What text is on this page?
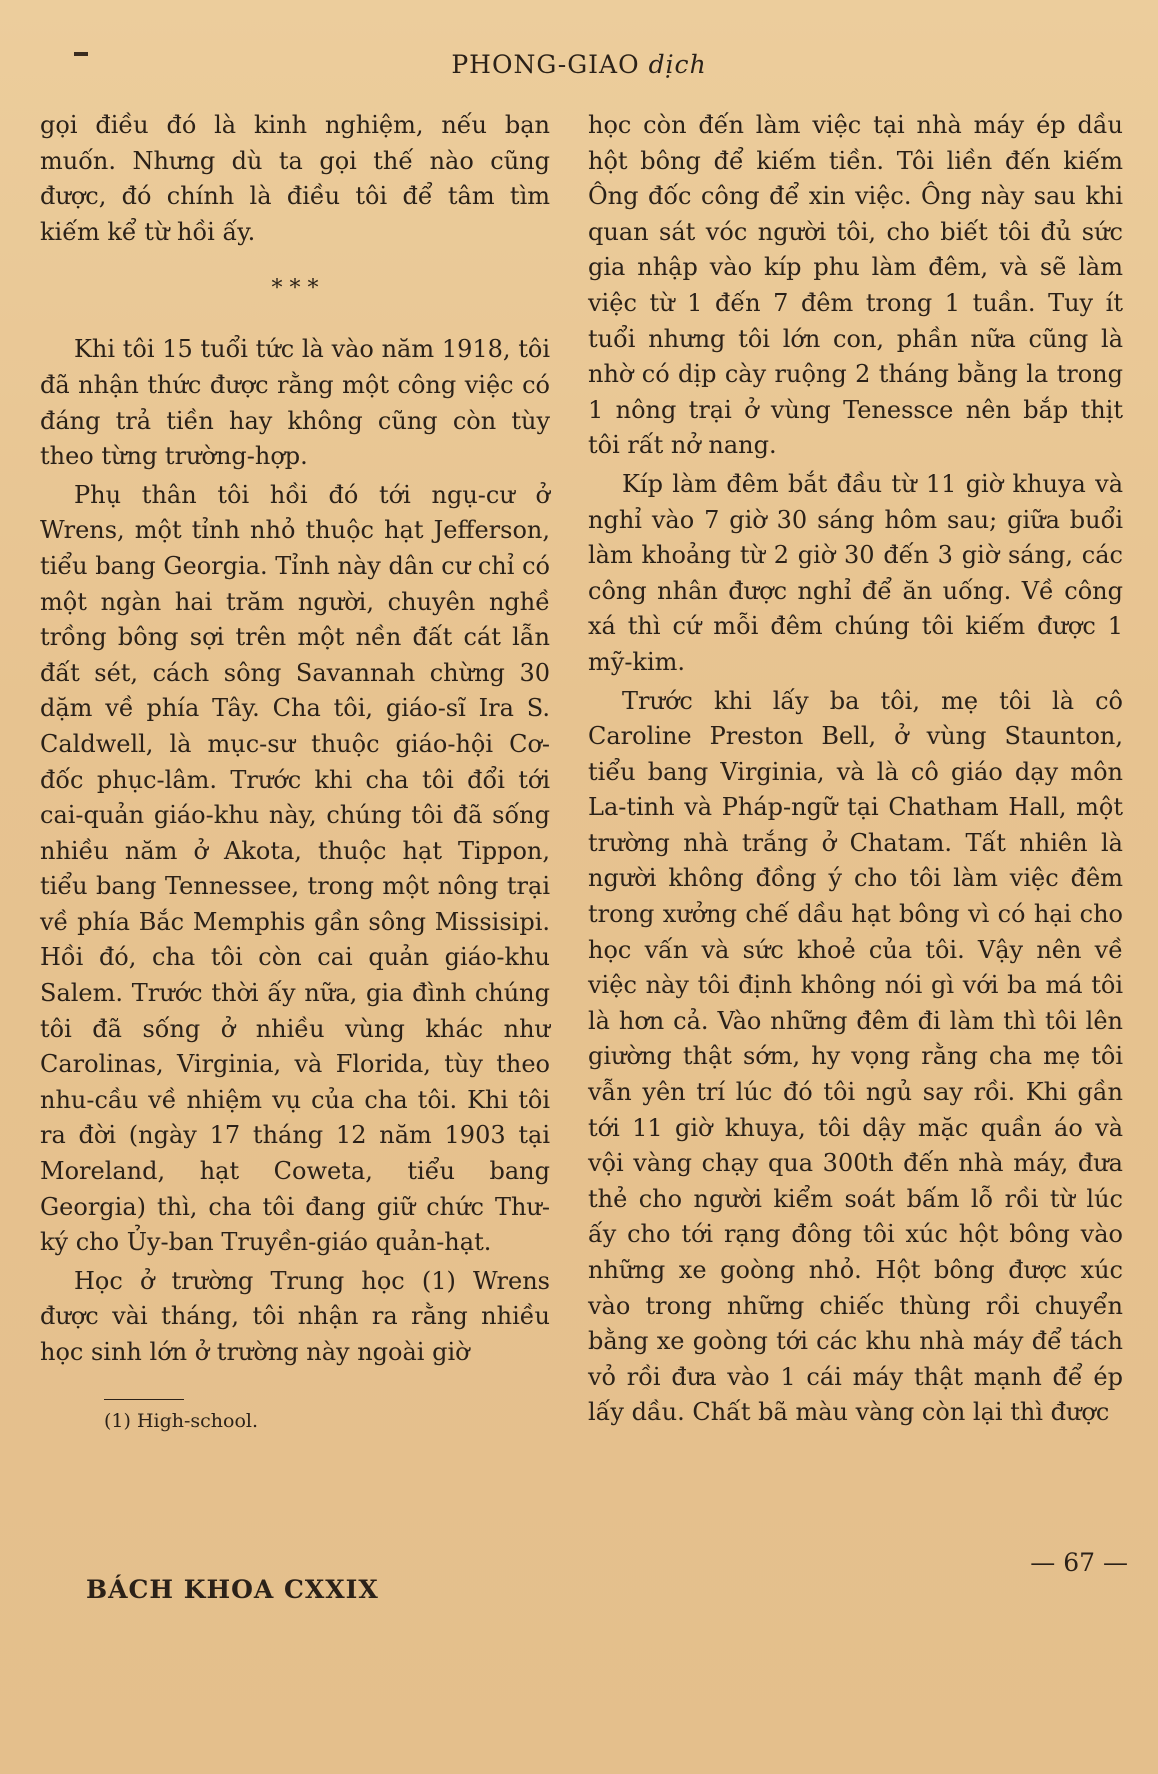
PHONG-GIAO dịch

gọi điều đó là kinh nghiệm, nếu bạn muốn. Nhưng dù ta gọi thế nào cũng được, đó chính là điều tôi để tâm tìm kiếm kể từ hồi ấy.

* * *

Khi tôi 15 tuổi tức là vào năm 1918, tôi đã nhận thức được rằng một công việc có đáng trả tiền hay không cũng còn tùy theo từng trường-hợp.

Phụ thân tôi hồi đó tới ngụ-cư ở Wrens, một tỉnh nhỏ thuộc hạt Jefferson, tiểu bang Georgia. Tỉnh này dân cư chỉ có một ngàn hai trăm người, chuyên nghề trồng bông sợi trên một nền đất cát lẫn đất sét, cách sông Savannah chừng 30 dặm về phía Tây. Cha tôi, giáo-sĩ Ira S. Caldwell, là mục-sư thuộc giáo-hội Cơ-đốc phục-lâm. Trước khi cha tôi đổi tới cai-quản giáo-khu này, chúng tôi đã sống nhiều năm ở Akota, thuộc hạt Tippon, tiểu bang Tennessee, trong một nông trại về phía Bắc Memphis gần sông Missisipi. Hồi đó, cha tôi còn cai quản giáo-khu Salem. Trước thời ấy nữa, gia đình chúng tôi đã sống ở nhiều vùng khác như Carolinas, Virginia, và Florida, tùy theo nhu-cầu về nhiệm vụ của cha tôi. Khi tôi ra đời (ngày 17 tháng 12 năm 1903 tại Moreland, hạt Coweta, tiểu bang Georgia) thì, cha tôi đang giữ chức Thư-ký cho Ủy-ban Truyền-giáo quản-hạt.

Học ở trường Trung học (1) Wrens được vài tháng, tôi nhận ra rằng nhiều học sinh lớn ở trường này ngoài giờ

(1) High-school.

học còn đến làm việc tại nhà máy ép dầu hột bông để kiếm tiền. Tôi liền đến kiếm Ông đốc công để xin việc. Ông này sau khi quan sát vóc người tôi, cho biết tôi đủ sức gia nhập vào kíp phu làm đêm, và sẽ làm việc từ 1 đến 7 đêm trong 1 tuần. Tuy ít tuổi nhưng tôi lớn con, phần nữa cũng là nhờ có dịp cày ruộng 2 tháng bằng la trong 1 nông trại ở vùng Tenessce nên bắp thịt tôi rất nở nang.

Kíp làm đêm bắt đầu từ 11 giờ khuya và nghỉ vào 7 giờ 30 sáng hôm sau; giữa buổi làm khoảng từ 2 giờ 30 đến 3 giờ sáng, các công nhân được nghỉ để ăn uống. Về công xá thì cứ mỗi đêm chúng tôi kiếm được 1 mỹ-kim.

Trước khi lấy ba tôi, mẹ tôi là cô Caroline Preston Bell, ở vùng Staunton, tiểu bang Virginia, và là cô giáo dạy môn La-tinh và Pháp-ngữ tại Chatham Hall, một trường nhà trắng ở Chatam. Tất nhiên là người không đồng ý cho tôi làm việc đêm trong xưởng chế dầu hạt bông vì có hại cho học vấn và sức khoẻ của tôi. Vậy nên về việc này tôi định không nói gì với ba má tôi là hơn cả. Vào những đêm đi làm thì tôi lên giường thật sớm, hy vọng rằng cha mẹ tôi vẫn yên trí lúc đó tôi ngủ say rồi. Khi gần tới 11 giờ khuya, tôi dậy mặc quần áo và vội vàng chạy qua 300th đến nhà máy, đưa thẻ cho người kiểm soát bấm lỗ rồi từ lúc ấy cho tới rạng đông tôi xúc hột bông vào những xe goòng nhỏ. Hột bông được xúc vào trong những chiếc thùng rồi chuyển bằng xe goòng tới các khu nhà máy để tách vỏ rồi đưa vào 1 cái máy thật mạnh để ép lấy dầu. Chất bã màu vàng còn lại thì được

BÁCH KHOA CXXIX
— 67 —
